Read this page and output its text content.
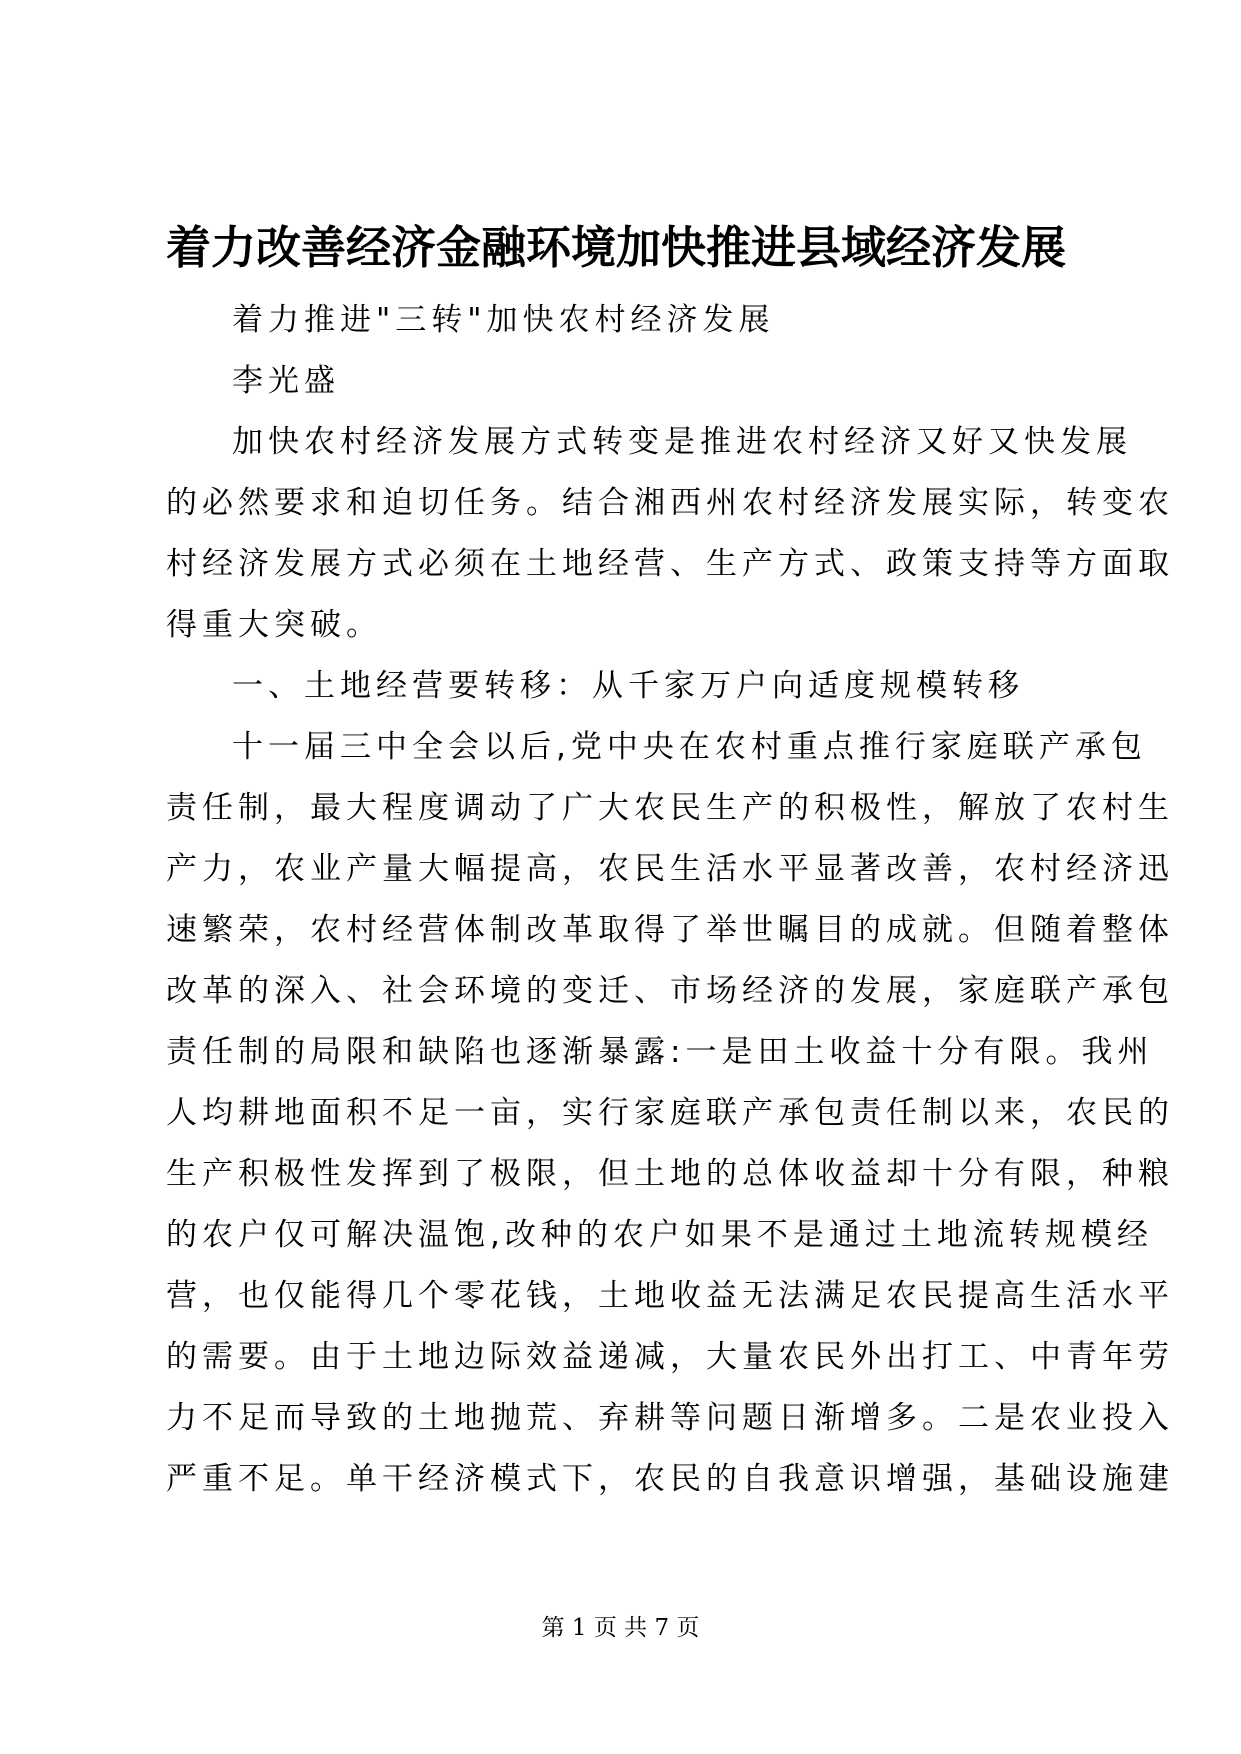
着力改善经济金融环境加快推进县域经济发展
着力推进"三转"加快农村经济发展
李光盛
加快农村经济发展方式转变是推进农村经济又好又快发展
的必然要求和迫切任务。结合湘西州农村经济发展实际，转变农
村经济发展方式必须在土地经营、生产方式、政策支持等方面取
得重大突破。
一、土地经营要转移：从千家万户向适度规模转移
十一届三中全会以后,党中央在农村重点推行家庭联产承包
责任制，最大程度调动了广大农民生产的积极性，解放了农村生
产力，农业产量大幅提高，农民生活水平显著改善，农村经济迅
速繁荣，农村经营体制改革取得了举世瞩目的成就。但随着整体
改革的深入、社会环境的变迁、市场经济的发展，家庭联产承包
责任制的局限和缺陷也逐渐暴露:一是田土收益十分有限。我州
人均耕地面积不足一亩，实行家庭联产承包责任制以来，农民的
生产积极性发挥到了极限，但土地的总体收益却十分有限，种粮
的农户仅可解决温饱,改种的农户如果不是通过土地流转规模经
营，也仅能得几个零花钱，土地收益无法满足农民提高生活水平
的需要。由于土地边际效益递减，大量农民外出打工、中青年劳
力不足而导致的土地抛荒、弃耕等问题日渐增多。二是农业投入
严重不足。单干经济模式下，农民的自我意识增强，基础设施建
第 1 页 共 7 页
